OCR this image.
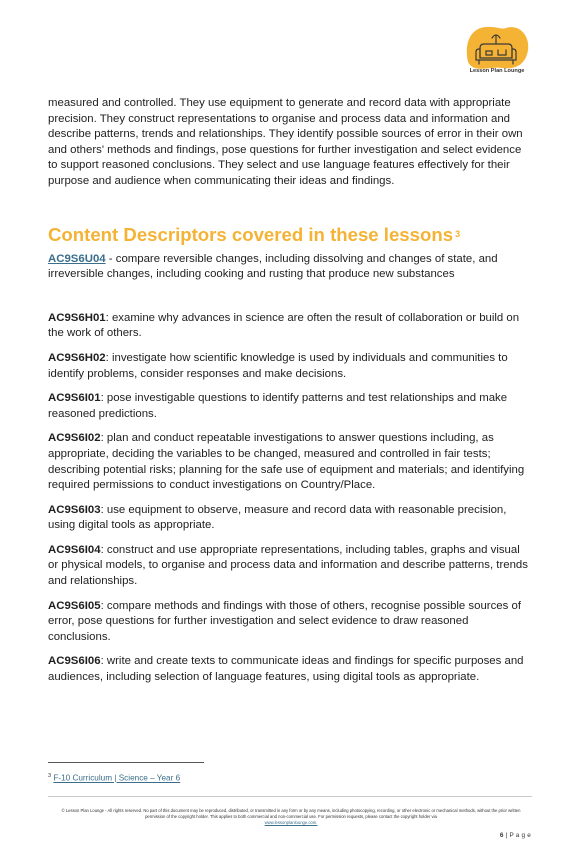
Lesson Plan Lounge

measured and controlled. They use equipment to generate and record data with appropriate precision. They construct representations to organise and process data and information and describe patterns, trends and relationships. They identify possible sources of error in their own and others' methods and findings, pose questions for further investigation and select evidence to support reasoned conclusions. They select and use language features effectively for their purpose and audience when communicating their ideas and findings.

Content Descriptors covered in these lessons $^3$

AC9S6U04 - compare reversible changes, including dissolving and changes of state, and irreversible changes, including cooking and rusting that produce new substances

AC9S6H01: examine why advances in science are often the result of collaboration or build on the work of others.

AC9S6H02: investigate how scientific knowledge is used by individuals and communities to identify problems, consider responses and make decisions.

AC9S6I01: pose investigable questions to identify patterns and test relationships and make reasoned predictions.

AC9S6I02: plan and conduct repeatable investigations to answer questions including, as appropriate, deciding the variables to be changed, measured and controlled in fair tests; describing potential risks; planning for the safe use of equipment and materials; and identifying required permissions to conduct investigations on Country/Place.

AC9S6I03: use equipment to observe, measure and record data with reasonable precision, using digital tools as appropriate.

AC9S6I04: construct and use appropriate representations, including tables, graphs and visual or physical models, to organise and process data and information and describe patterns, trends and relationships.

AC9S6I05: compare methods and findings with those of others, recognise possible sources of error, pose questions for further investigation and select evidence to draw reasoned conclusions.

AC9S6I06: write and create texts to communicate ideas and findings for specific purposes and audiences, including selection of language features, using digital tools as appropriate.

$^3$ F-10 Curriculum | Science – Year 6
© Lesson Plan Lounge - All rights reserved. No part of this document may be reproduced, distributed, or transmitted in any form or by any means, including photocopying, recording, or other electronic or mechanical methods, without the prior written permission of the copyright holder. This applies to both commercial and non-commercial use. For permission requests, please contact the copyright holder via
www.lessonplanlounge.com.
6 | P a g e
